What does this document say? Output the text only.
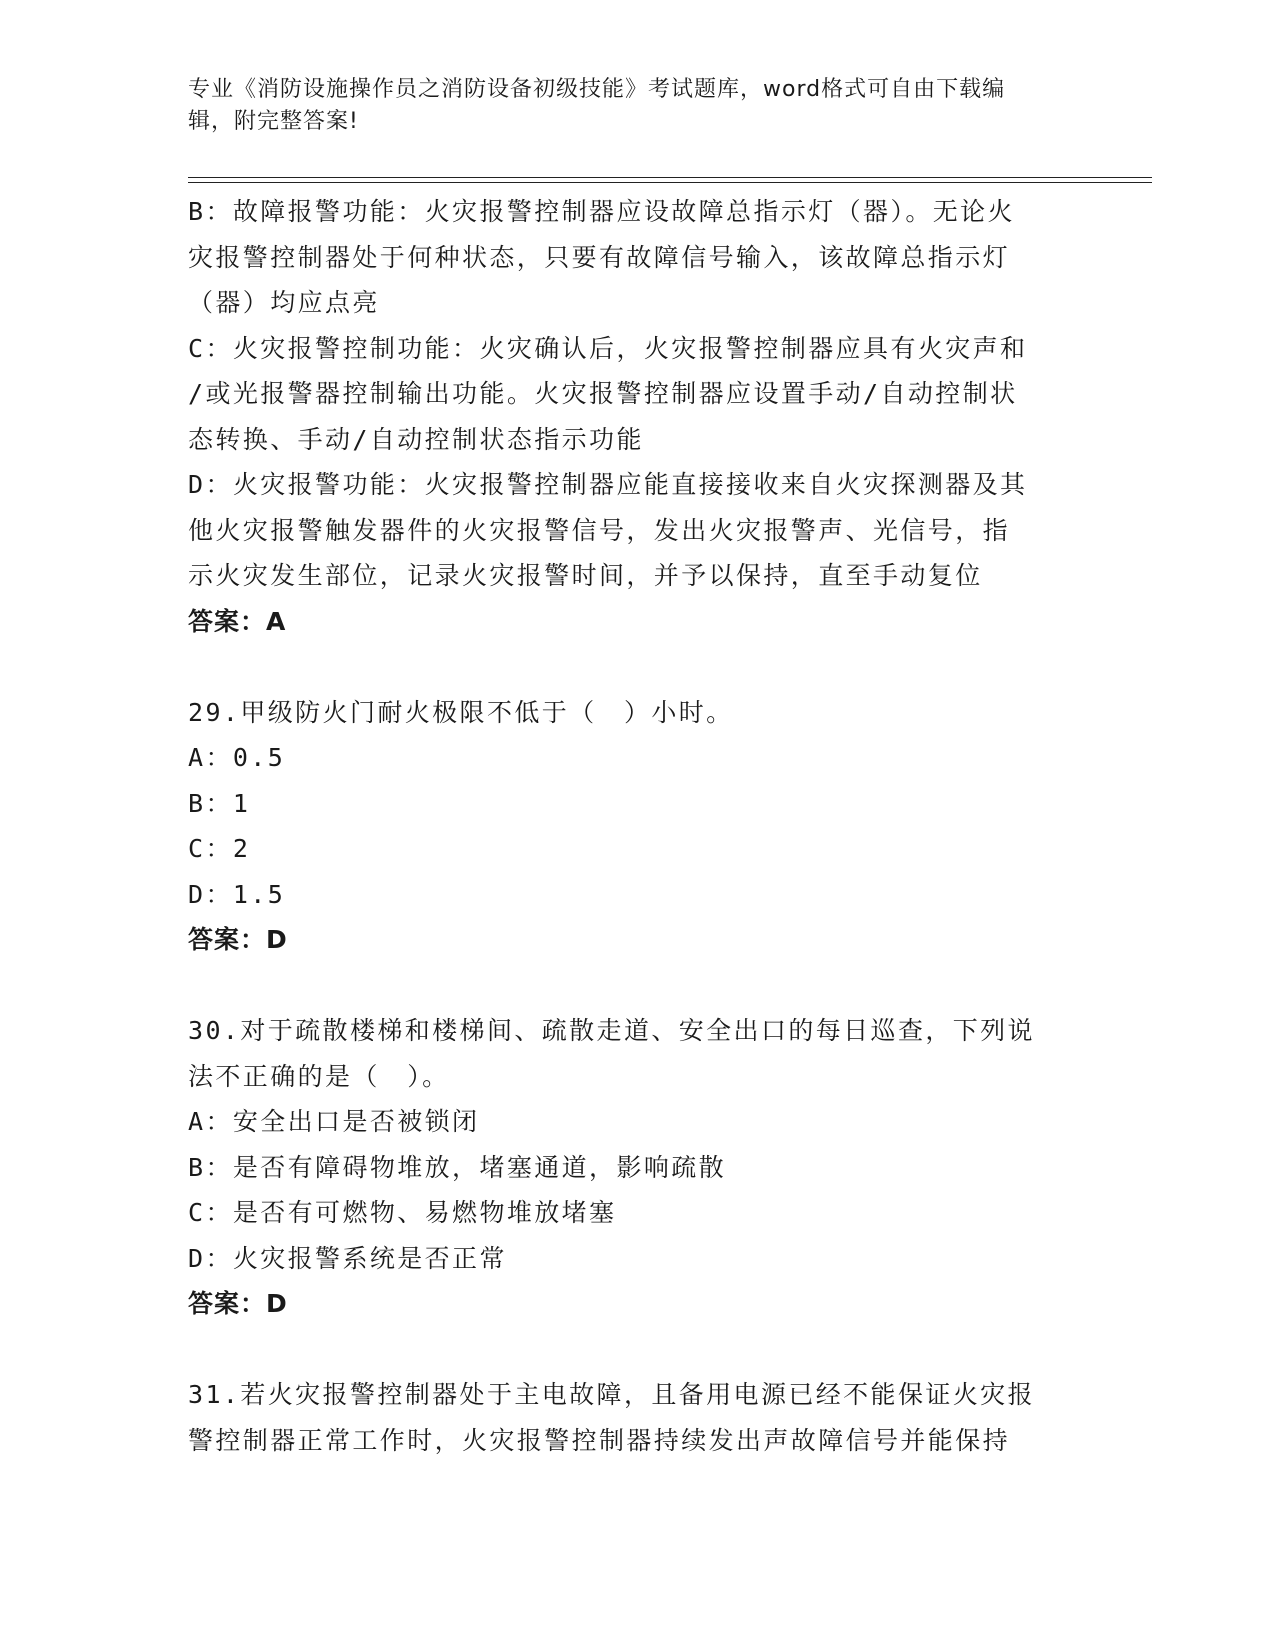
专业《消防设施操作员之消防设备初级技能》考试题库，word格式可自由下载编
辑，附完整答案!
B：故障报警功能：火灾报警控制器应设故障总指示灯（器）。无论火
灾报警控制器处于何种状态，只要有故障信号输入，该故障总指示灯
（器）均应点亮
C：火灾报警控制功能：火灾确认后，火灾报警控制器应具有火灾声和
/或光报警器控制输出功能。火灾报警控制器应设置手动/自动控制状
态转换、手动/自动控制状态指示功能
D：火灾报警功能：火灾报警控制器应能直接接收来自火灾探测器及其
他火灾报警触发器件的火灾报警信号，发出火灾报警声、光信号，指
示火灾发生部位，记录火灾报警时间，并予以保持，直至手动复位
答案：A
29.甲级防火门耐火极限不低于（　）小时。
A：0.5
B：1
C：2
D：1.5
答案：D
30.对于疏散楼梯和楼梯间、疏散走道、安全出口的每日巡查，下列说
法不正确的是（　）。
A：安全出口是否被锁闭
B：是否有障碍物堆放，堵塞通道，影响疏散
C：是否有可燃物、易燃物堆放堵塞
D：火灾报警系统是否正常
答案：D
31.若火灾报警控制器处于主电故障，且备用电源已经不能保证火灾报
警控制器正常工作时，火灾报警控制器持续发出声故障信号并能保持
